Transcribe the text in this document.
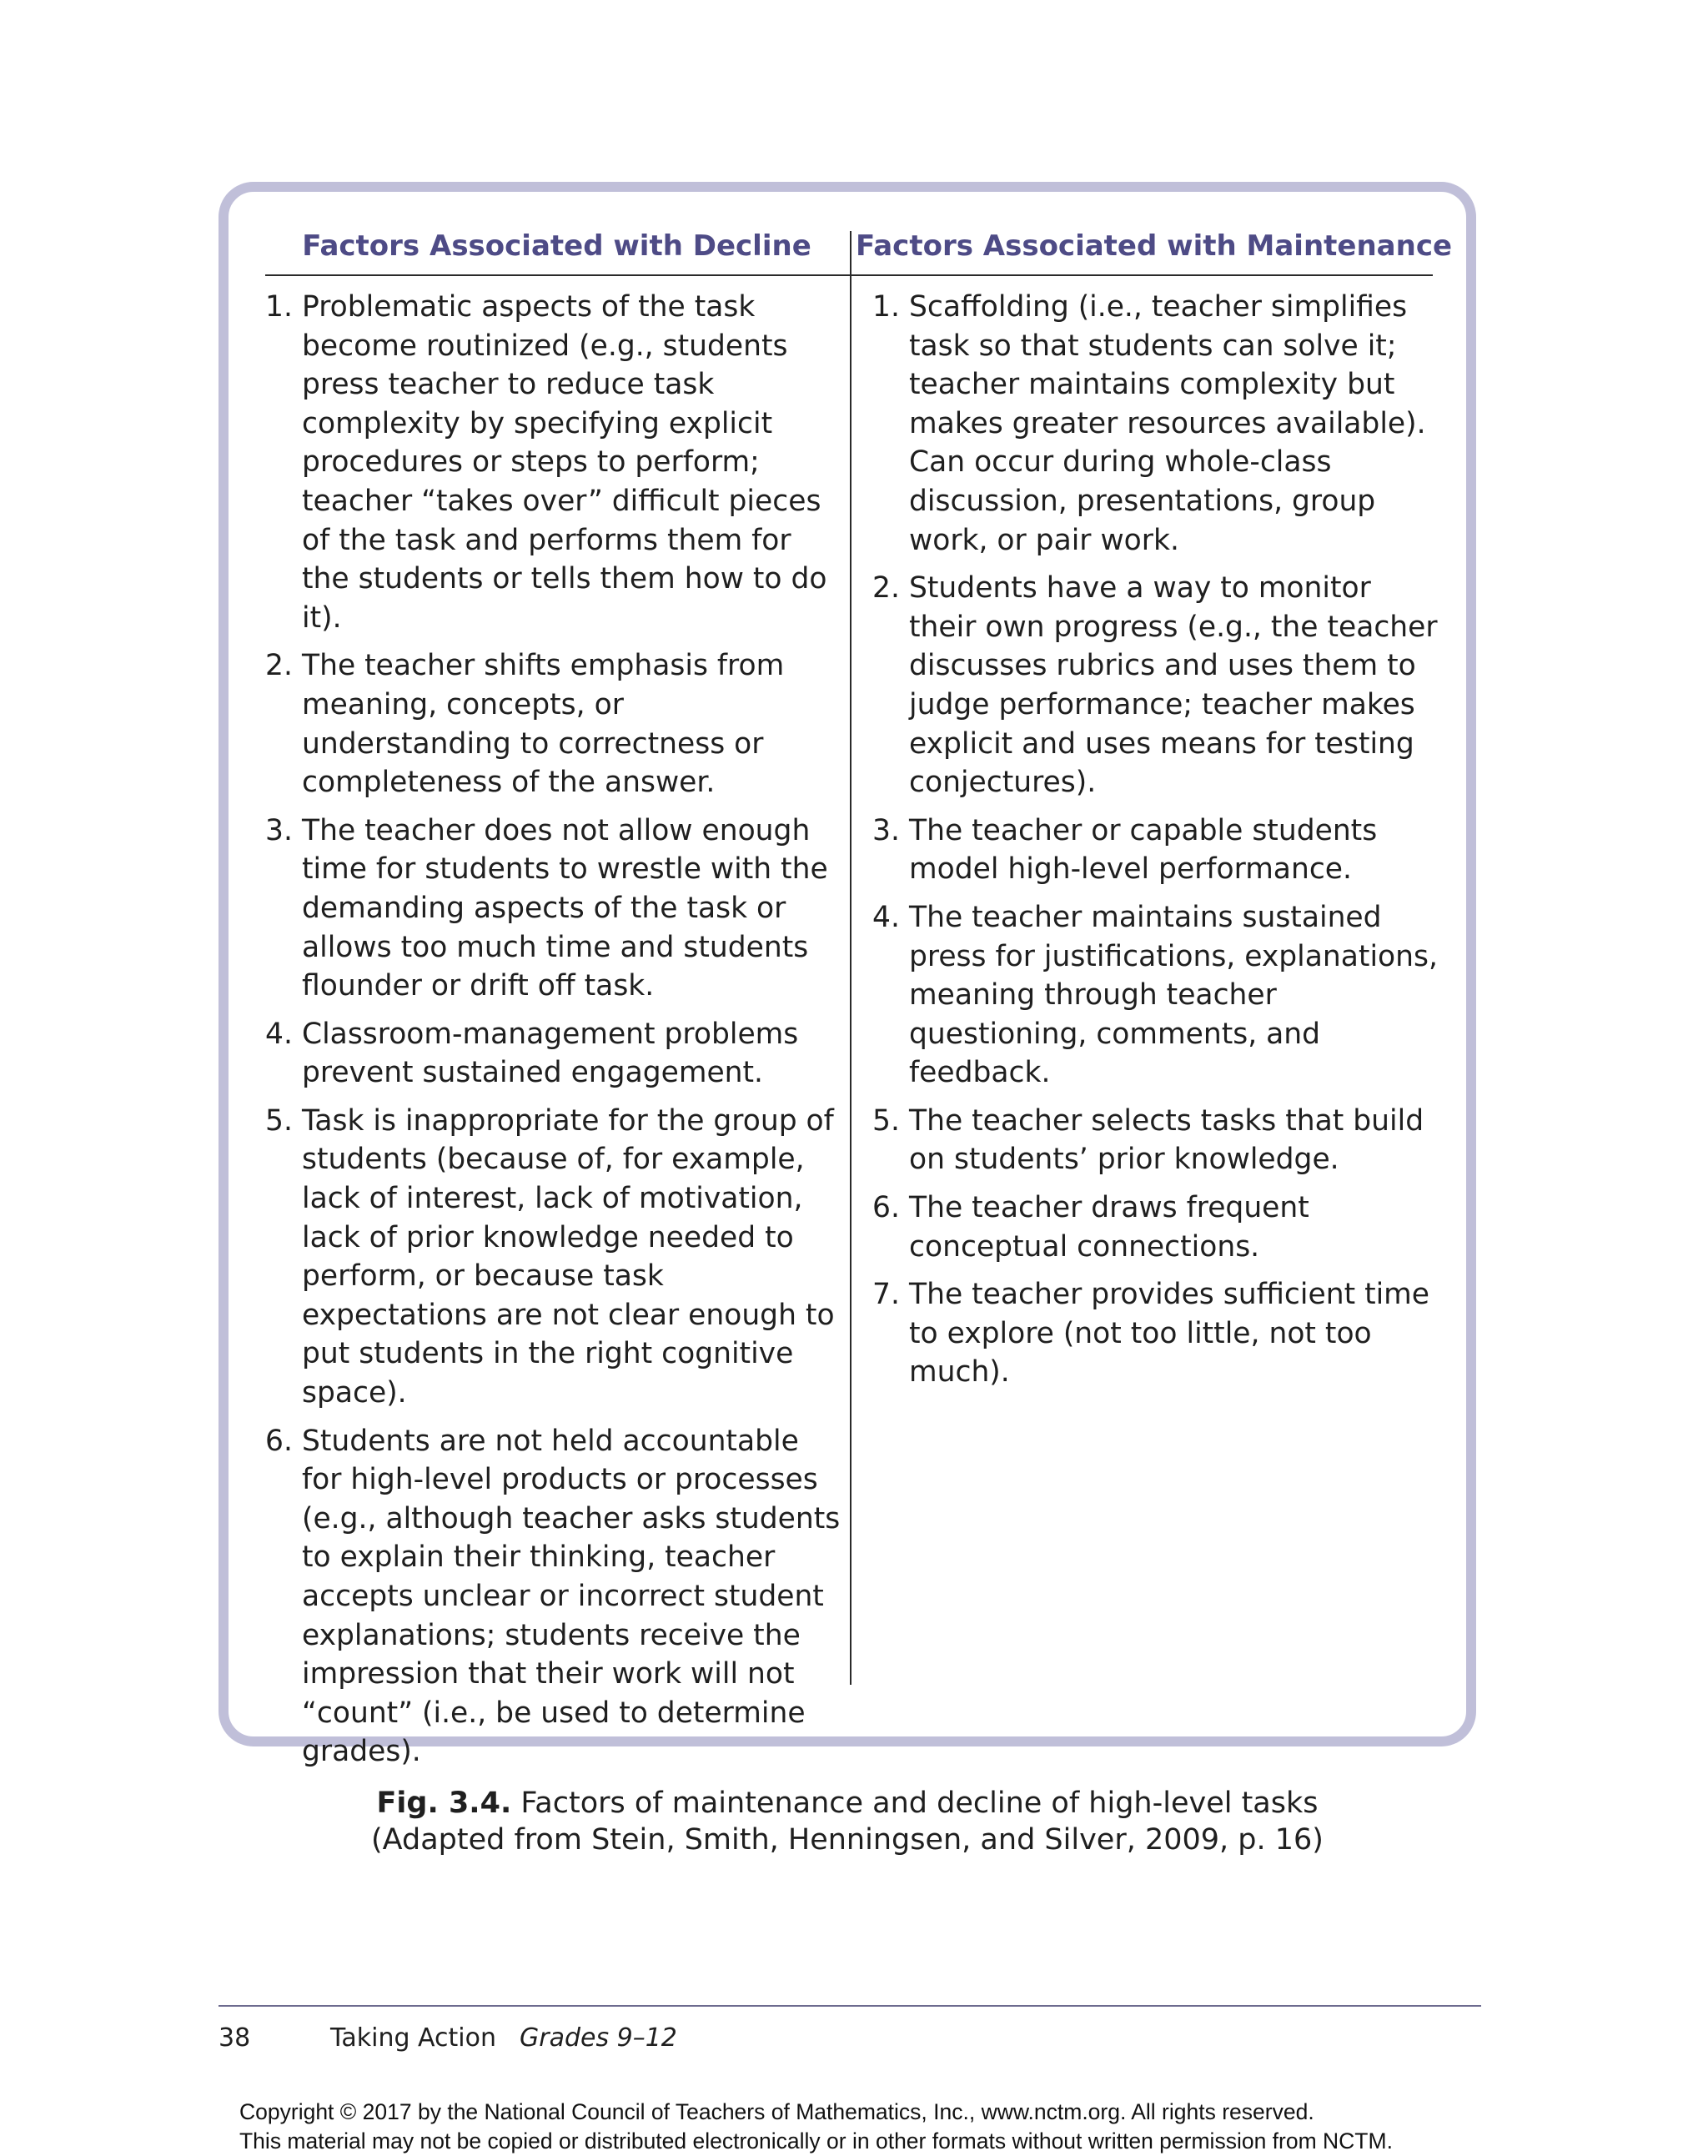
Factors Associated with Decline	Factors Associated with Maintenance
1. Problematic aspects of the task become routinized (e.g., students press teacher to reduce task complexity by specifying explicit procedures or steps to perform; teacher “takes over” difficult pieces of the task and performs them for the students or tells them how to do it).
2. The teacher shifts emphasis from meaning, concepts, or understanding to correctness or completeness of the answer.
3. The teacher does not allow enough time for students to wrestle with the demanding aspects of the task or allows too much time and students flounder or drift off task.
4. Classroom-management problems prevent sustained engagement.
5. Task is inappropriate for the group of students (because of, for example, lack of interest, lack of motivation, lack of prior knowledge needed to perform, or because task expectations are not clear enough to put students in the right cognitive space).
6. Students are not held accountable for high-level products or processes (e.g., although teacher asks students to explain their thinking, teacher accepts unclear or incorrect student explanations; students receive the impression that their work will not “count” (i.e., be used to determine grades).
1. Scaffolding (i.e., teacher simplifies task so that students can solve it; teacher maintains complexity but makes greater resources available). Can occur during whole-class discussion, presentations, group work, or pair work.
2. Students have a way to monitor their own progress (e.g., the teacher discusses rubrics and uses them to judge performance; teacher makes explicit and uses means for testing conjectures).
3. The teacher or capable students model high-level performance.
4. The teacher maintains sustained press for justifications, explanations, meaning through teacher questioning, comments, and feedback.
5. The teacher selects tasks that build on students’ prior knowledge.
6. The teacher draws frequent conceptual connections.
7. The teacher provides sufficient time to explore (not too little, not too much).
Fig. 3.4. Factors of maintenance and decline of high-level tasks
(Adapted from Stein, Smith, Henningsen, and Silver, 2009, p. 16)
38	Taking Action Grades 9–12
Copyright © 2017 by the National Council of Teachers of Mathematics, Inc., www.nctm.org. All rights reserved.
This material may not be copied or distributed electronically or in other formats without written permission from NCTM.
